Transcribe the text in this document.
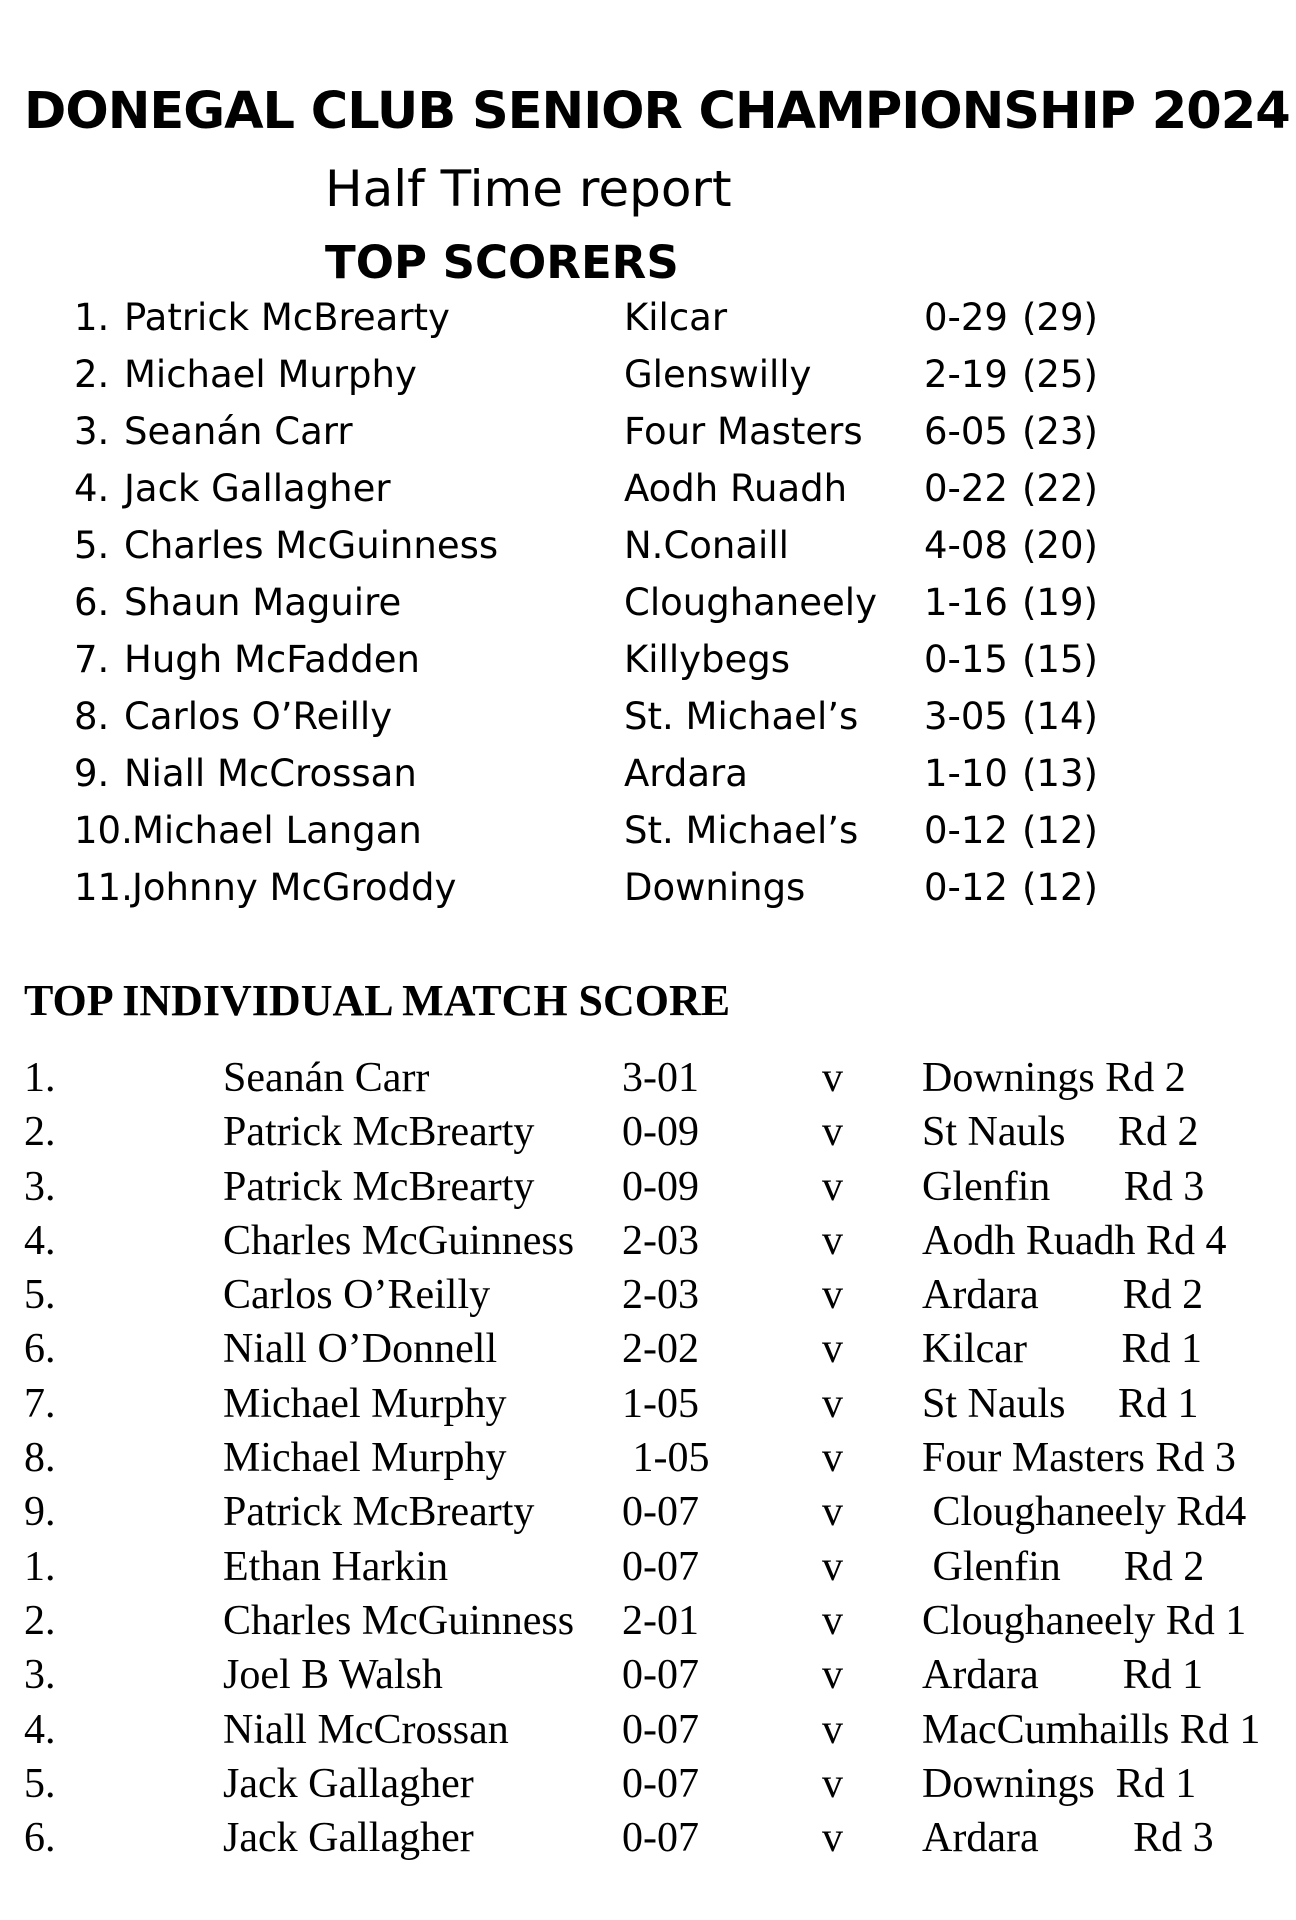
DONEGAL CLUB SENIOR CHAMPIONSHIP 2024
Half Time report
TOP SCORERS
1. Patrick McBrearty	Kilcar	0-29 (29)
2. Michael Murphy	Glenswilly	2-19 (25)
3. Seanán Carr	Four Masters 6-05 (23)
4. Jack Gallagher	Aodh Ruadh 0-22 (22)
5. Charles McGuinness	N.Conaill	4-08 (20)
6. Shaun Maguire	Cloughaneely 1-16 (19)
7. Hugh McFadden	Killybegs	0-15 (15)
8. Carlos O’Reilly	St. Michael’s 3-05 (14)
9. Niall McCrossan	Ardara	1-10 (13)
10. Michael Langan	St. Michael’s 0-12 (12)
11. Johnny McGroddy	Downings	0-12 (12)
TOP INDIVIDUAL MATCH SCORE
1.	Seanán Carr	3-01	v Downings Rd 2
2.	Patrick McBrearty 0-09	v St Nauls     Rd 2
3.	Patrick McBrearty 0-09	v Glenfin       Rd 3
4.	Charles McGuinness 2-03	v Aodh Ruadh Rd 4
5.	Carlos O’Reilly	2-03	v Ardara        Rd 2
6.	Niall O’Donnell	2-02	v Kilcar         Rd 1
7.	Michael Murphy	1-05	v St Nauls     Rd 1
8.	Michael Murphy	1-05	v Four Masters Rd 3
9.	Patrick McBrearty 0-07	v Cloughaneely Rd4
1.	Ethan Harkin	0-07	v Glenfin      Rd 2
2.	Charles McGuinness 2-01	v Cloughaneely Rd 1
3.	Joel B Walsh	0-07	v Ardara        Rd 1
4.	Niall McCrossan	0-07	v MacCumhaills Rd 1
5.	Jack Gallagher	0-07	v Downings  Rd 1
6.	Jack Gallagher	0-07	v Ardara         Rd 3
